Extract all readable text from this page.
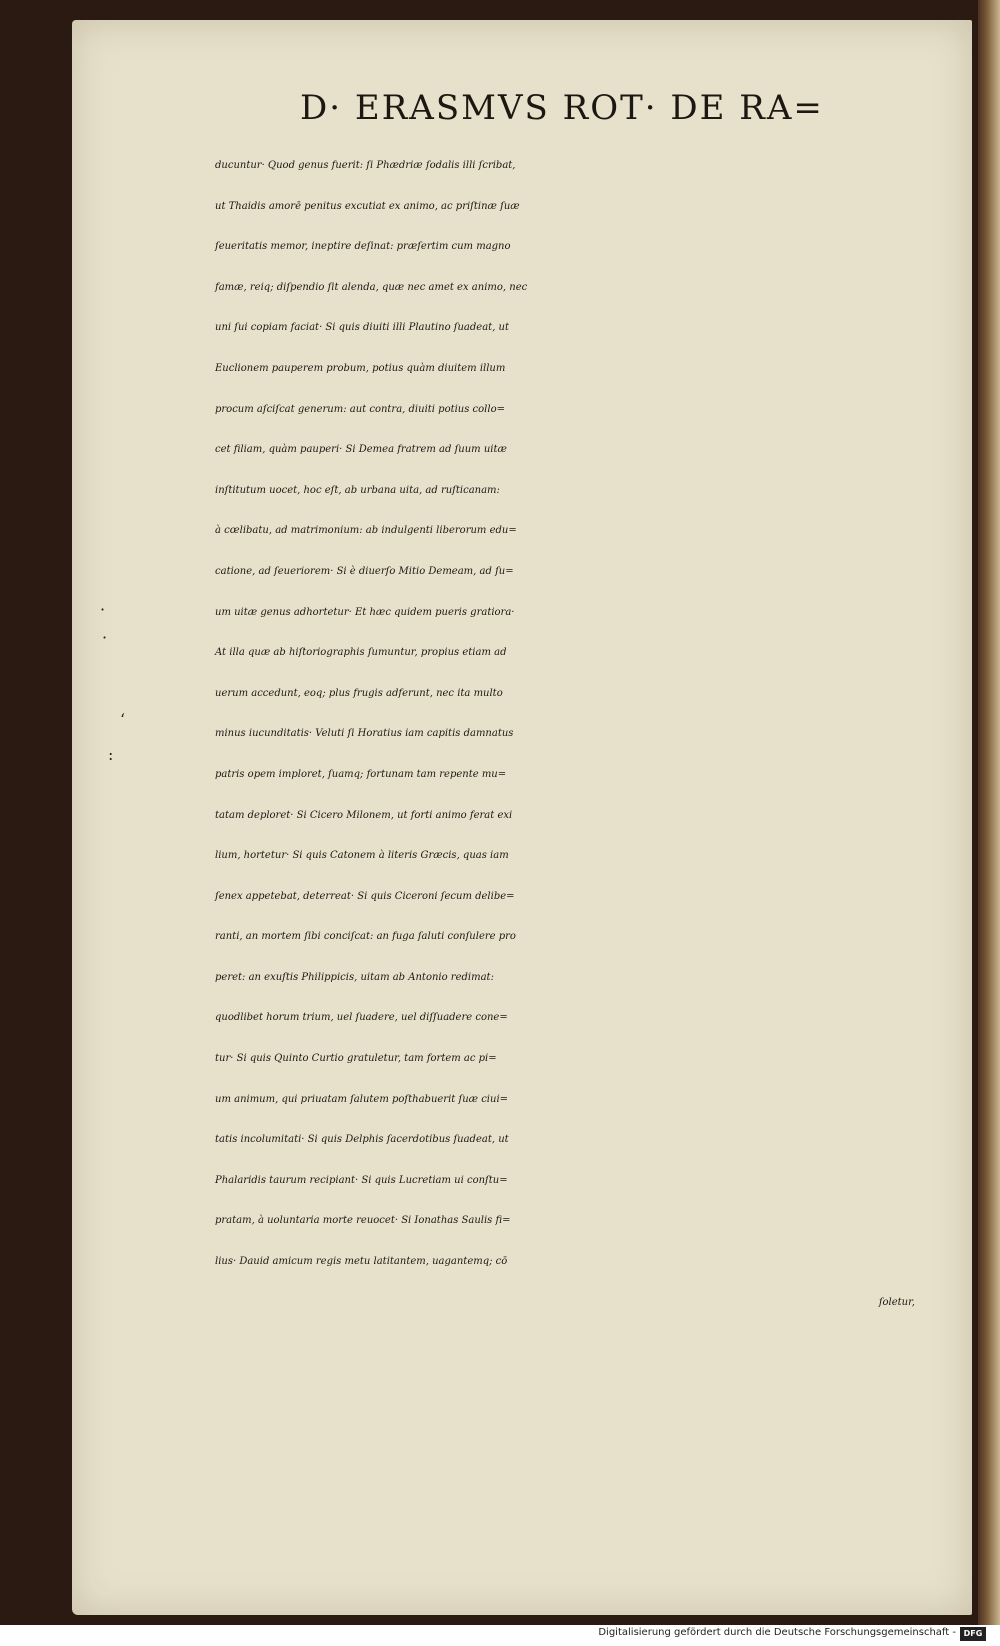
·
·
‘
:
D· ERASMVS ROT· DE RA=
ducuntur· Quod genus fuerit: ſi Phædriæ ſodalis illi ſcribat,
ut Thaidis amorē penitus excutiat ex animo, ac priſtinæ ſuæ
ſeueritatis memor, ineptire deſinat: præſertim cum magno
famæ, reiq; diſpendio ſit alenda, quæ nec amet ex animo, nec
uni ſui copiam faciat· Si quis diuiti illi Plautino ſuadeat, ut
Euclionem pauperem probum, potius quàm diuitem illum
procum aſciſcat generum: aut contra, diuiti potius collo=
cet filiam, quàm pauperi· Si Demea fratrem ad ſuum uitæ
inſtitutum uocet, hoc eſt, ab urbana uita, ad ruſticanam:
à cœlibatu, ad matrimonium: ab indulgenti liberorum edu=
catione, ad ſeueriorem· Si è diuerſo Mitio Demeam, ad ſu=
um uitæ genus adhortetur· Et hæc quidem pueris gratiora·
At illa quæ ab hiſtoriographis ſumuntur, propius etiam ad
uerum accedunt, eoq; plus frugis adferunt, nec ita multo
minus iucunditatis· Veluti ſi Horatius iam capitis damnatus
patris opem imploret, ſuamq; fortunam tam repente mu=
tatam deploret· Si Cicero Milonem, ut forti animo ferat exi
lium, hortetur· Si quis Catonem à literis Græcis, quas iam
ſenex appetebat, deterreat· Si quis Ciceroni ſecum delibe=
ranti, an mortem ſibi conciſcat: an fuga ſaluti conſulere pro
peret: an exuſtis Philippicis, uitam ab Antonio redimat:
quodlibet horum trium, uel ſuadere, uel diſſuadere cone=
tur· Si quis Quinto Curtio gratuletur, tam fortem ac pi=
um animum, qui priuatam ſalutem poſthabuerit ſuæ ciui=
tatis incolumitati· Si quis Delphis ſacerdotibus ſuadeat, ut
Phalaridis taurum recipiant· Si quis Lucretiam ui conſtu=
pratam, à uoluntaria morte reuocet· Si Ionathas Saulis fi=
lius· Dauid amicum regis metu latitantem, uagantemq; cō
ſoletur,
Digitalisierung gefördert durch die Deutsche Forschungsgemeinschaft - DFG
